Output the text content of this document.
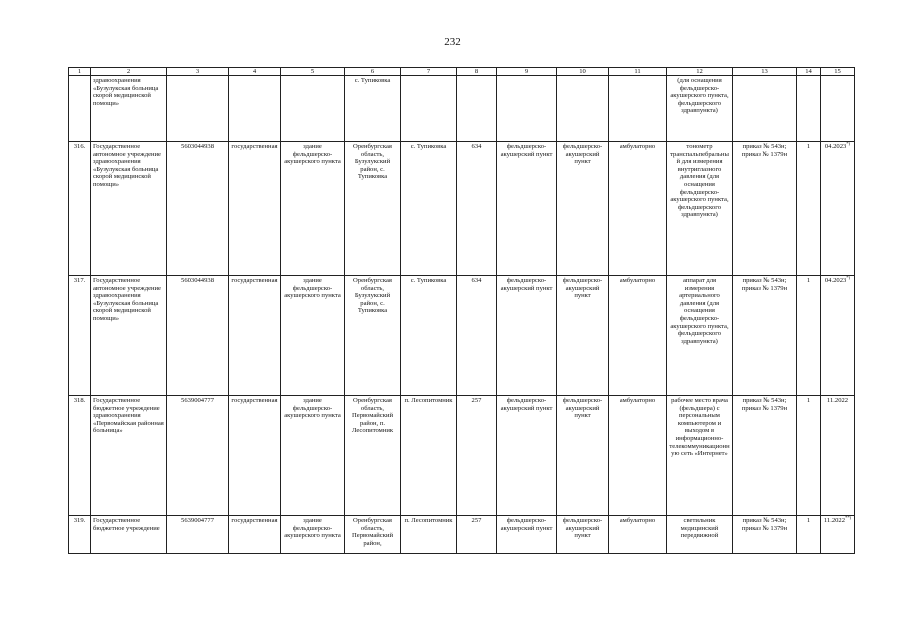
232
1	2	3	4	5	6	7	8	9	10	11	12	13	14	15
	здравоохранения «Бузулукская больница скорой медицинской помощи»				с. Тупиковка						(для оснащения фельдшерско-акушерского пункта, фельдшерского здравпункта)			
316.	Государственное автономное учреждение здравоохранения «Бузулукская больница скорой медицинской помощи»	5603044938	государственная	здание фельдшерско-акушерского пункта	Оренбургская область, Бузулукский район, с. Тупиковка	с. Тупиковка	634	фельдшерско-акушерский пункт	фельдшерско-акушерский пункт	амбулаторно	тонометр транспальпебральный для измерения внутриглазного давления (для оснащения фельдшерско-акушерского пункта, фельдшерского здравпункта)	приказ № 543н; приказ № 1379н	1	04.2023*)
317.	Государственное автономное учреждение здравоохранения «Бузулукская больница скорой медицинской помощи»	5603044938	государственная	здание фельдшерско-акушерского пункта	Оренбургская область, Бузулукский район, с. Тупиковка	с. Тупиковка	634	фельдшерско-акушерский пункт	фельдшерско-акушерский пункт	амбулаторно	аппарат для измерения артериального давления (для оснащения фельдшерско-акушерского пункта, фельдшерского здравпункта)	приказ № 543н; приказ № 1379н	1	04.2023*)
318.	Государственное бюджетное учреждение здравоохранения «Первомайская районная больница»	5639004777	государственная	здание фельдшерско-акушерского пункта	Оренбургская область, Первомайский район, п. Лесопитомник	п. Лесопитомник	257	фельдшерско-акушерский пункт	фельдшерско-акушерский пункт	амбулаторно	рабочее место врача (фельдшера) с персональным компьютером и выходом в информационно-телекоммуникационную сеть «Интернет»	приказ № 543н; приказ № 1379н	1	11.2022
319.	Государственное бюджетное учреждение	5639004777	государственная	здание фельдшерско-акушерского пункта	Оренбургская область, Первомайский район,	п. Лесопитомник	257	фельдшерско-акушерский пункт	фельдшерско-акушерский пункт	амбулаторно	светильник медицинский передвижной	приказ № 543н; приказ № 1379н	1	11.2022**)
